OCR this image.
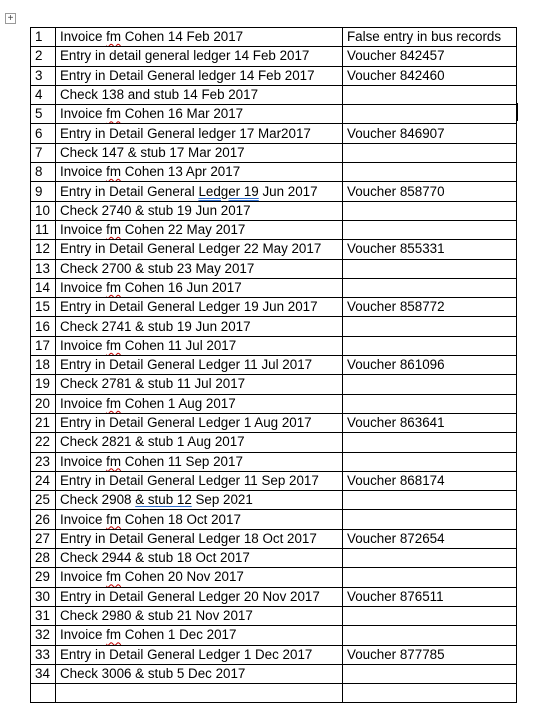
+
1	Invoice fm Cohen 14 Feb 2017	False entry in bus records
2	Entry in detail general ledger 14 Feb 2017	Voucher 842457
3	Entry in Detail General ledger 14 Feb 2017	Voucher 842460
4	Check 138 and stub 14 Feb 2017	
5	Invoice fm Cohen 16 Mar 2017	
6	Entry in Detail General ledger 17 Mar2017	Voucher 846907
7	Check 147 & stub 17 Mar 2017	
8	Invoice fm Cohen 13 Apr 2017	
9	Entry in Detail General Ledger 19 Jun 2017	Voucher 858770
10	Check 2740 & stub 19 Jun 2017	
11	Invoice fm Cohen 22 May 2017	
12	Entry in Detail General Ledger 22 May 2017	Voucher 855331
13	Check 2700 & stub 23 May 2017	
14	Invoice fm Cohen 16 Jun 2017	
15	Entry in Detail General Ledger 19 Jun 2017	Voucher 858772
16	Check 2741 & stub 19 Jun 2017	
17	Invoice fm Cohen 11 Jul 2017	
18	Entry in Detail General Ledger 11 Jul 2017	Voucher 861096
19	Check 2781 & stub 11 Jul 2017	
20	Invoice fm Cohen 1 Aug 2017	
21	Entry in Detail General Ledger 1 Aug 2017	Voucher 863641
22	Check 2821 & stub 1 Aug 2017	
23	Invoice fm Cohen 11 Sep 2017	
24	Entry in Detail General Ledger 11 Sep 2017	Voucher 868174
25	Check 2908 & stub 12 Sep 2021	
26	Invoice fm Cohen 18 Oct 2017	
27	Entry in Detail General Ledger 18 Oct 2017	Voucher 872654
28	Check 2944 & stub 18 Oct 2017	
29	Invoice fm Cohen 20 Nov 2017	
30	Entry in Detail General Ledger 20 Nov 2017	Voucher 876511
31	Check 2980 & stub 21 Nov 2017	
32	Invoice fm Cohen 1 Dec 2017	
33	Entry in Detail General Ledger 1 Dec 2017	Voucher 877785
34	Check 3006 & stub 5 Dec 2017	
